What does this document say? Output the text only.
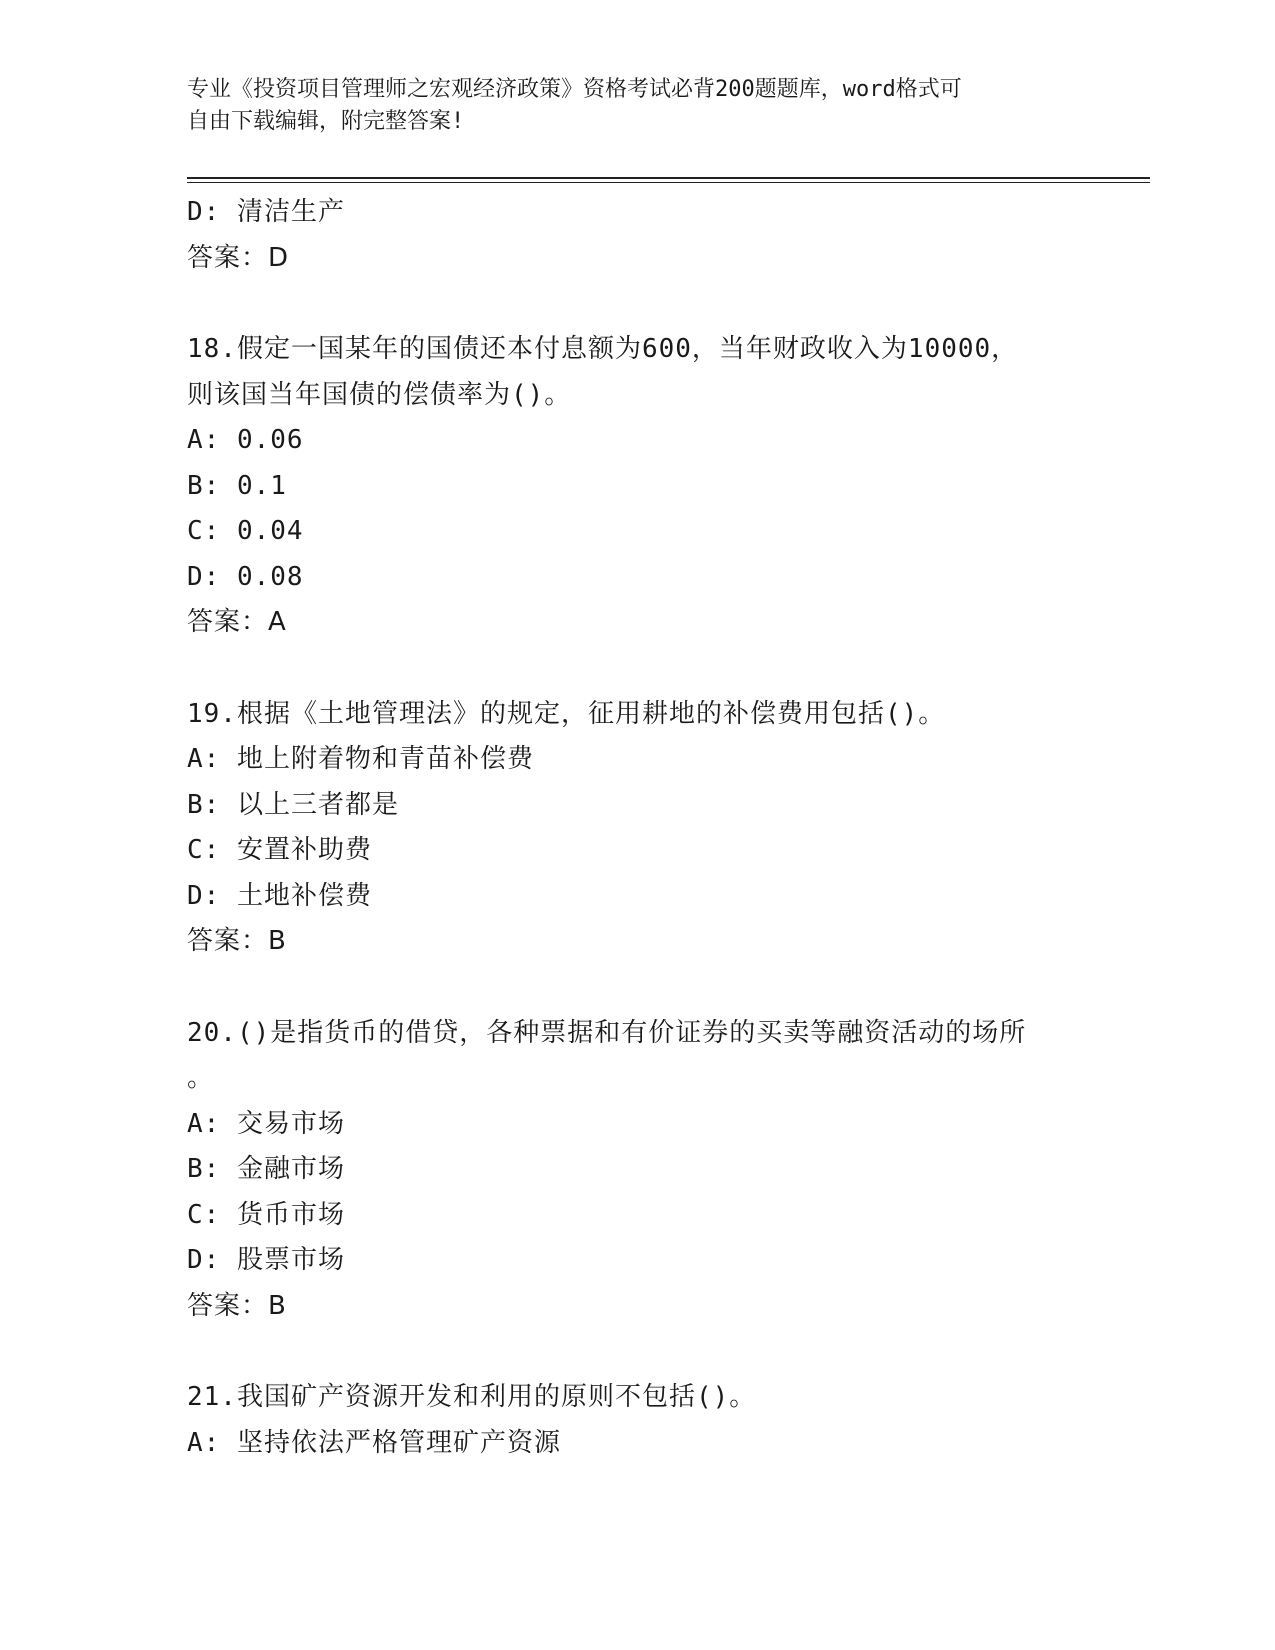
专业《投资项目管理师之宏观经济政策》资格考试必背200题题库，word格式可
自由下载编辑，附完整答案!
D: 清洁生产
答案：D
18.假定一国某年的国债还本付息额为600，当年财政收入为10000，
则该国当年国债的偿债率为()。
A: 0.06
B: 0.1
C: 0.04
D: 0.08
答案：A
19.根据《土地管理法》的规定，征用耕地的补偿费用包括()。
A: 地上附着物和青苗补偿费
B: 以上三者都是
C: 安置补助费
D: 土地补偿费
答案：B
20.()是指货币的借贷，各种票据和有价证券的买卖等融资活动的场所
。
A: 交易市场
B: 金融市场
C: 货币市场
D: 股票市场
答案：B
21.我国矿产资源开发和利用的原则不包括()。
A: 坚持依法严格管理矿产资源
